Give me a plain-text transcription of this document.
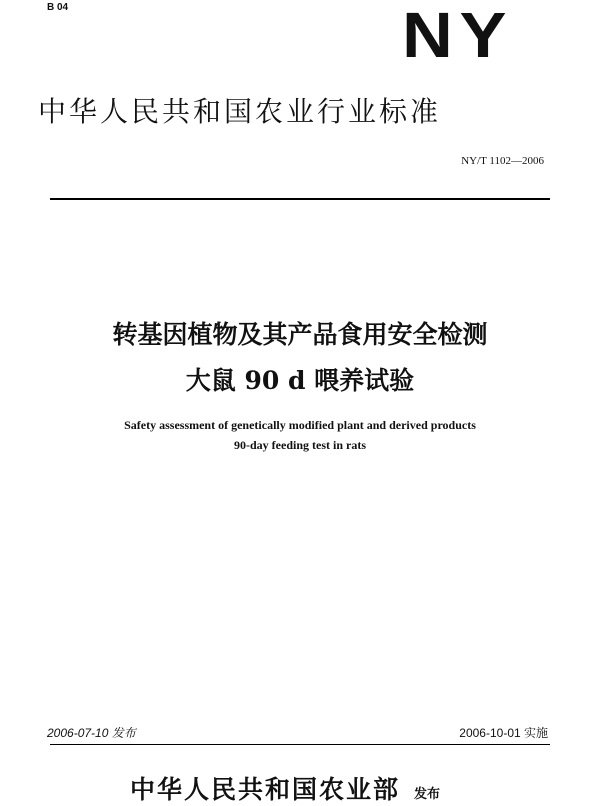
B 04	NY
中华人民共和国农业行业标准
NY/T 1102—2006
转基因植物及其产品食用安全检测
大鼠 90 d 喂养试验
Safety assessment of genetically modified plant and derived products
90-day feeding test in rats
2006-07-10 发布	2006-10-01 实施
中华人民共和国农业部 发布
